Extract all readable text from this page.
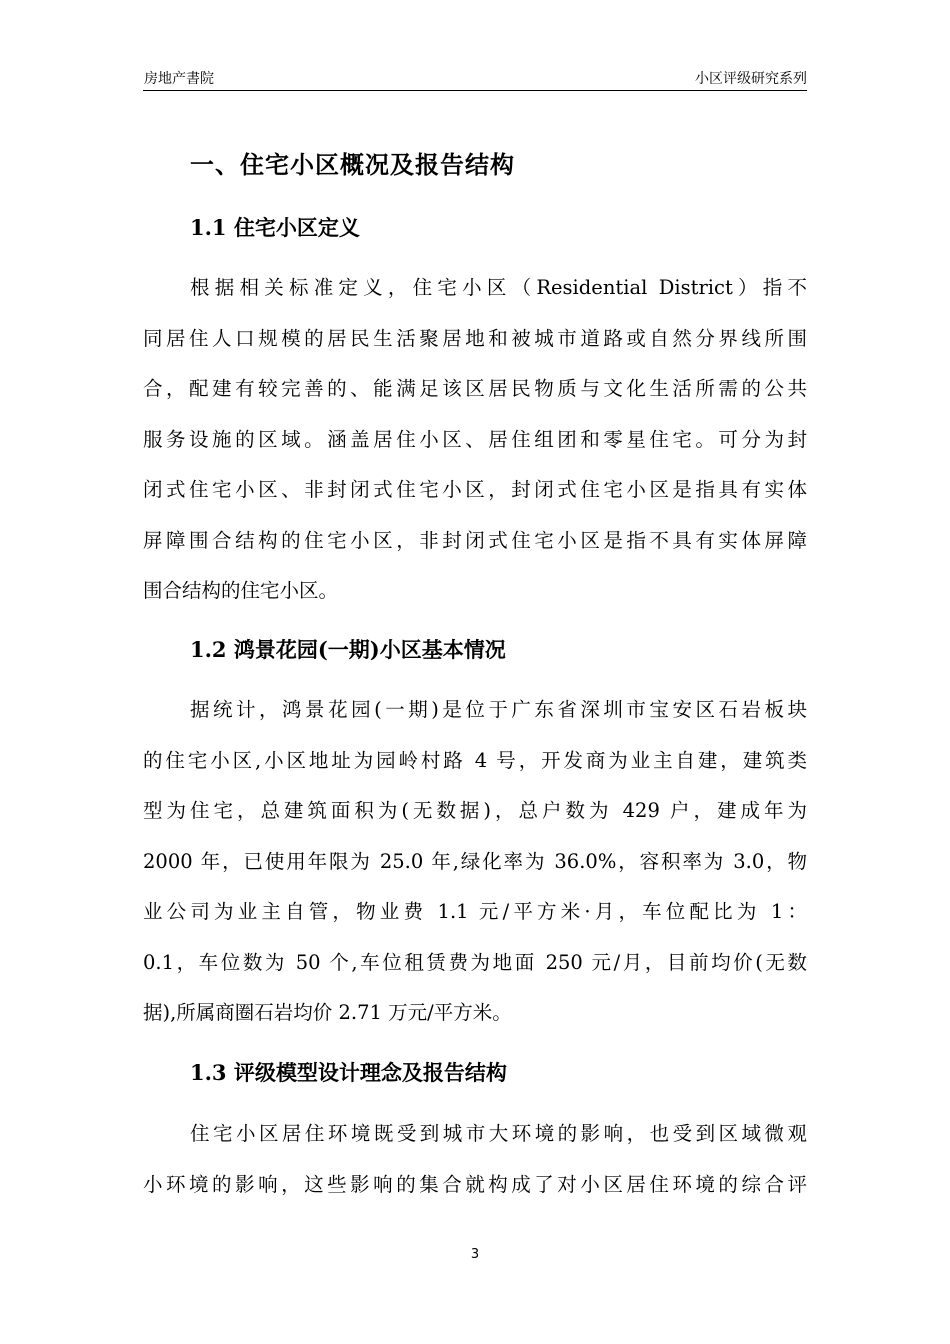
房地产書院	小区评级研究系列
一、住宅小区概况及报告结构
1.1 住宅小区定义
根据相关标准定义，住宅小区（Residential District）指不
同居住人口规模的居民生活聚居地和被城市道路或自然分界线所围
合，配建有较完善的、能满足该区居民物质与文化生活所需的公共
服务设施的区域。涵盖居住小区、居住组团和零星住宅。可分为封
闭式住宅小区、非封闭式住宅小区，封闭式住宅小区是指具有实体
屏障围合结构的住宅小区，非封闭式住宅小区是指不具有实体屏障
围合结构的住宅小区。
1.2 鸿景花园(一期)小区基本情况
据统计，鸿景花园(一期)是位于广东省深圳市宝安区石岩板块
的住宅小区,小区地址为园岭村路 4 号，开发商为业主自建，建筑类
型为住宅，总建筑面积为(无数据)，总户数为 429 户，建成年为
2000 年，已使用年限为 25.0 年,绿化率为 36.0%，容积率为 3.0，物
业公司为业主自管，物业费 1.1 元/平方米·月，车位配比为 1：
0.1，车位数为 50 个,车位租赁费为地面 250 元/月，目前均价(无数
据),所属商圈石岩均价 2.71 万元/平方米。
1.3 评级模型设计理念及报告结构
住宅小区居住环境既受到城市大环境的影响，也受到区域微观
小环境的影响，这些影响的集合就构成了对小区居住环境的综合评
3
